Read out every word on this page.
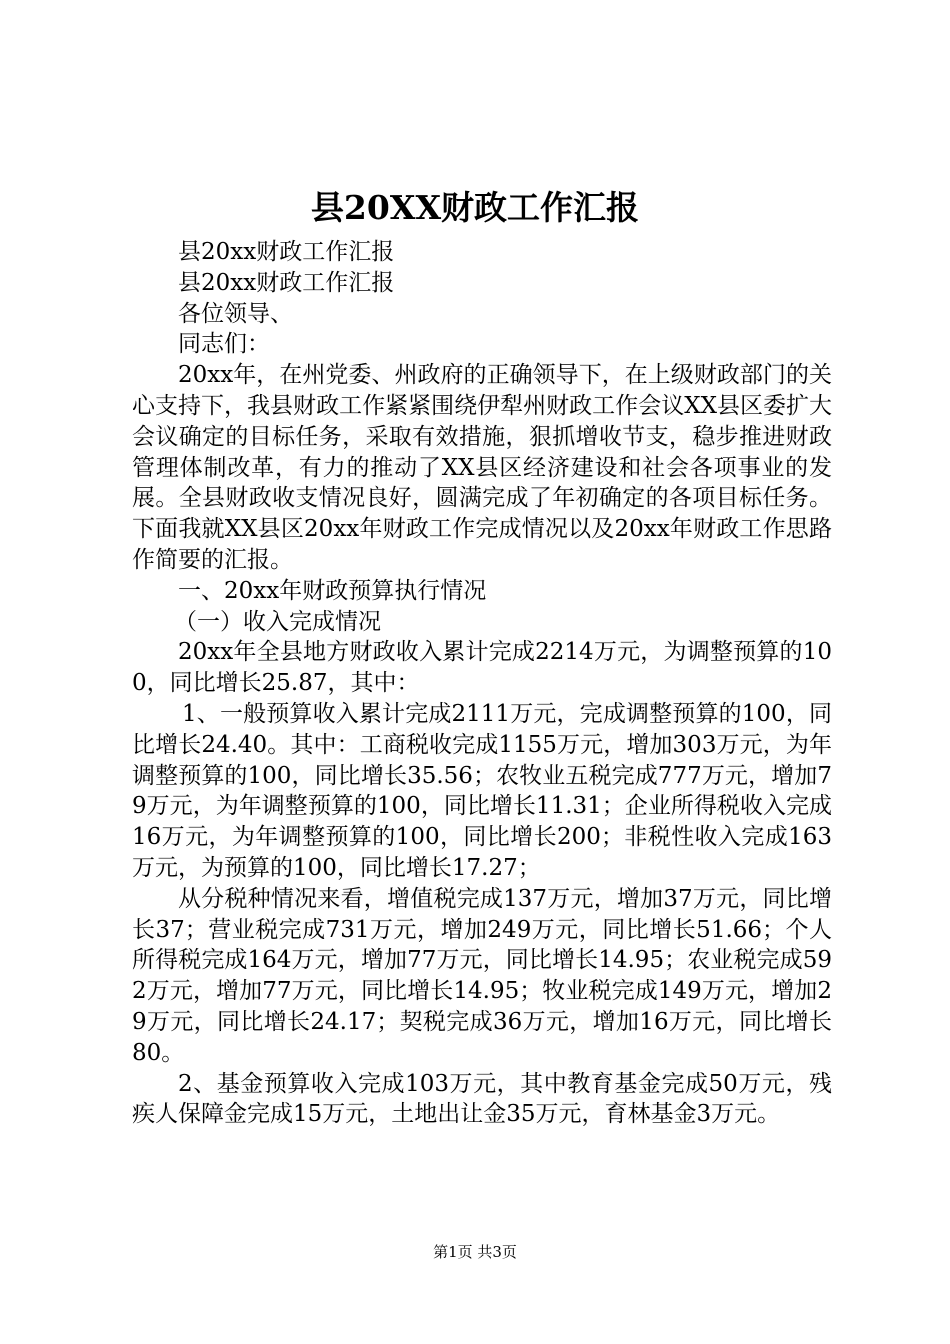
县20XX财政工作汇报

县20xx财政工作汇报

县20xx财政工作汇报

各位领导、

同志们：

20xx年，在州党委、州政府的正确领导下，在上级财政部门的关心支持下，我县财政工作紧紧围绕伊犁州财政工作会议XX县区委扩大会议确定的目标任务，采取有效措施，狠抓增收节支，稳步推进财政管理体制改革，有力的推动了XX县区经济建设和社会各项事业的发展。全县财政收支情况良好，圆满完成了年初确定的各项目标任务。下面我就XX县区20xx年财政工作完成情况以及20xx年财政工作思路作简要的汇报。

一、20xx年财政预算执行情况

（一）收入完成情况

20xx年全县地方财政收入累计完成2214万元，为调整预算的100，同比增长25.87，其中：

1、一般预算收入累计完成2111万元，完成调整预算的100，同比增长24.40。其中：工商税收完成1155万元，增加303万元，为年调整预算的100，同比增长35.56；农牧业五税完成777万元，增加79万元，为年调整预算的100，同比增长11.31；企业所得税收入完成16万元，为年调整预算的100，同比增长200；非税性收入完成163万元，为预算的100，同比增长17.27；

从分税种情况来看，增值税完成137万元，增加37万元，同比增长37；营业税完成731万元，增加249万元，同比增长51.66；个人所得税完成164万元，增加77万元，同比增长14.95；农业税完成592万元，增加77万元，同比增长14.95；牧业税完成149万元，增加29万元，同比增长24.17；契税完成36万元，增加16万元，同比增长80。

2、基金预算收入完成103万元，其中教育基金完成50万元，残疾人保障金完成15万元，土地出让金35万元，育林基金3万元。

第1页 共3页
